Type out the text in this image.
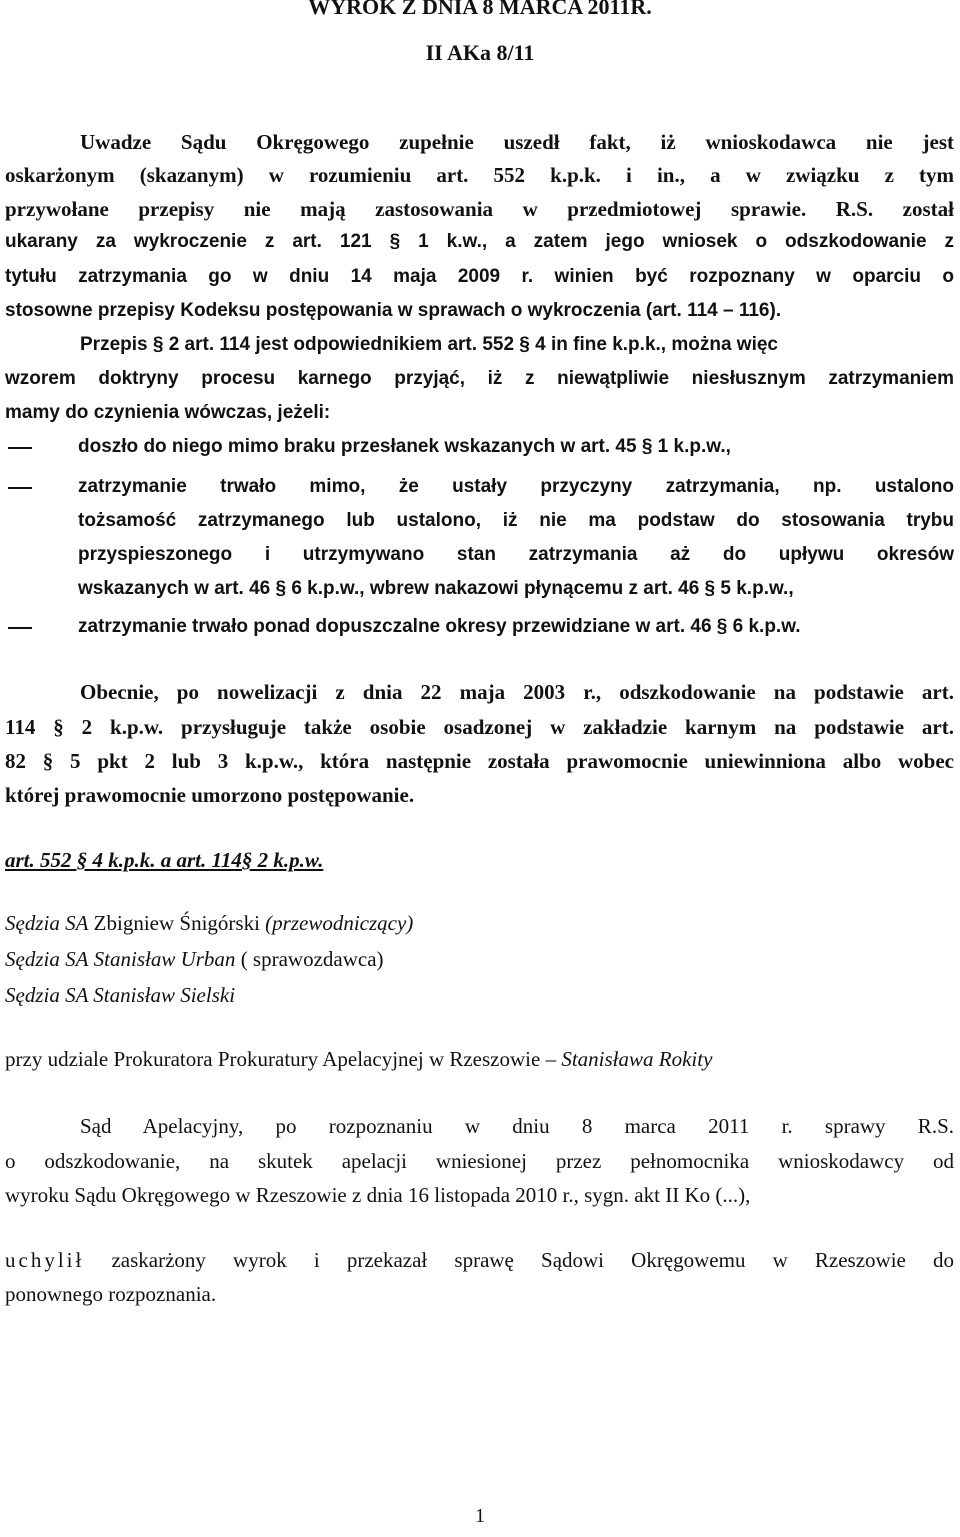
WYROK Z DNIA 8 MARCA 2011R.
II AKa 8/11
Uwadze Sądu Okręgowego zupełnie uszedł fakt, iż wnioskodawca nie jest
oskarżonym (skazanym) w rozumieniu art. 552 k.p.k. i in., a w związku z tym
przywołane przepisy nie mają zastosowania w przedmiotowej sprawie. R.S. został
ukarany za wykroczenie z art. 121 § 1 k.w., a zatem jego wniosek o odszkodowanie z
tytułu zatrzymania go w dniu 14 maja 2009 r. winien być rozpoznany w oparciu o
stosowne przepisy Kodeksu postępowania w sprawach o wykroczenia (art. 114 – 116).
Przepis § 2 art. 114 jest odpowiednikiem art. 552 § 4 in fine k.p.k., można więc
wzorem doktryny procesu karnego przyjąć, iż z niewątpliwie niesłusznym zatrzymaniem
mamy do czynienia wówczas, jeżeli:
doszło do niego mimo braku przesłanek wskazanych w art. 45 § 1 k.p.w.,
zatrzymanie trwało mimo, że ustały przyczyny zatrzymania, np. ustalono
tożsamość zatrzymanego lub ustalono, iż nie ma podstaw do stosowania trybu
przyspieszonego i utrzymywano stan zatrzymania aż do upływu okresów
wskazanych w art. 46 § 6 k.p.w., wbrew nakazowi płynącemu z art. 46 § 5 k.p.w.,
zatrzymanie trwało ponad dopuszczalne okresy przewidziane w art. 46 § 6 k.p.w.
Obecnie, po nowelizacji z dnia 22 maja 2003 r., odszkodowanie na podstawie art.
114 § 2 k.p.w. przysługuje także osobie osadzonej w zakładzie karnym na podstawie art.
82 § 5 pkt 2 lub 3 k.p.w., która następnie została prawomocnie uniewinniona albo wobec
której prawomocnie umorzono postępowanie.
art. 552 § 4 k.p.k. a art. 114§ 2 k.p.w.
Sędzia SA Zbigniew Śnigórski (przewodniczący)
Sędzia SA Stanisław Urban ( sprawozdawca)
Sędzia SA Stanisław Sielski
przy udziale Prokuratora Prokuratury Apelacyjnej w Rzeszowie – Stanisława Rokity
Sąd Apelacyjny, po rozpoznaniu w dniu 8 marca 2011 r. sprawy R.S.
o odszkodowanie, na skutek apelacji wniesionej przez pełnomocnika wnioskodawcy od
wyroku Sądu Okręgowego w Rzeszowie z dnia 16 listopada 2010 r., sygn. akt II Ko (...),
uchylił zaskarżony wyrok i przekazał sprawę Sądowi Okręgowemu w Rzeszowie do
ponownego rozpoznania.
1
